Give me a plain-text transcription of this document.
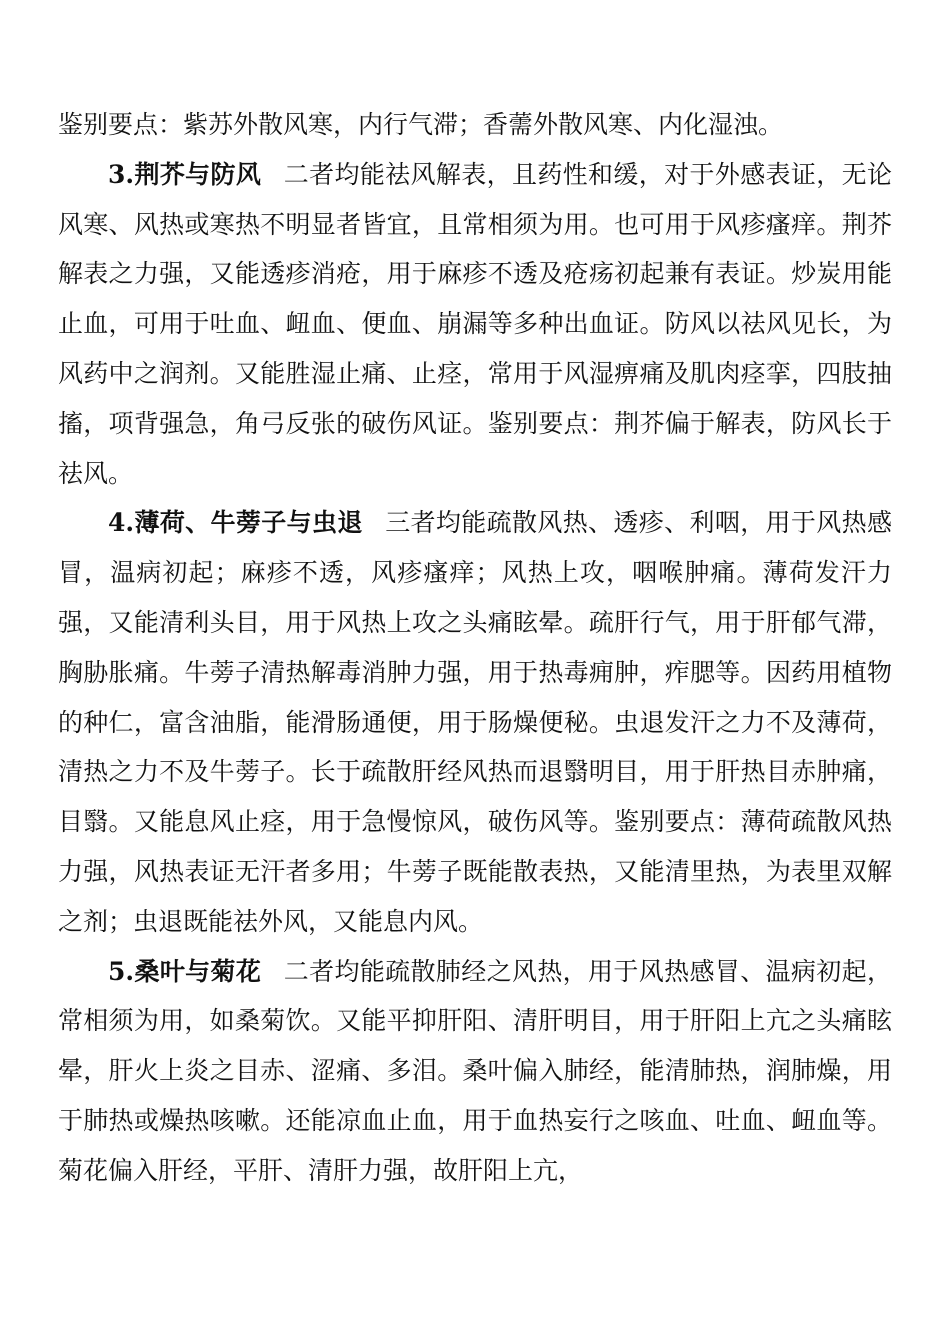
鉴别要点：紫苏外散风寒，内行气滞；香薷外散风寒、内化湿浊。

3.荆芥与防风 二者均能祛风解表，且药性和缓，对于外感表证，无论风寒、风热或寒热不明显者皆宜，且常相须为用。也可用于风疹瘙痒。荆芥解表之力强，又能透疹消疮，用于麻疹不透及疮疡初起兼有表证。炒炭用能止血，可用于吐血、衄血、便血、崩漏等多种出血证。防风以祛风见长，为风药中之润剂。又能胜湿止痛、止痉，常用于风湿痹痛及肌肉痉挛，四肢抽搐，项背强急，角弓反张的破伤风证。鉴别要点：荆芥偏于解表，防风长于祛风。

4.薄荷、牛蒡子与虫退 三者均能疏散风热、透疹、利咽，用于风热感冒，温病初起；麻疹不透，风疹瘙痒；风热上攻，咽喉肿痛。薄荷发汗力强，又能清利头目，用于风热上攻之头痛眩晕。疏肝行气，用于肝郁气滞，胸胁胀痛。牛蒡子清热解毒消肿力强，用于热毒痈肿，痄腮等。因药用植物的种仁，富含油脂，能滑肠通便，用于肠燥便秘。虫退发汗之力不及薄荷，清热之力不及牛蒡子。长于疏散肝经风热而退翳明目，用于肝热目赤肿痛，目翳。又能息风止痉，用于急慢惊风，破伤风等。鉴别要点：薄荷疏散风热力强，风热表证无汗者多用；牛蒡子既能散表热，又能清里热，为表里双解之剂；虫退既能祛外风，又能息内风。

5.桑叶与菊花 二者均能疏散肺经之风热，用于风热感冒、温病初起，常相须为用，如桑菊饮。又能平抑肝阳、清肝明目，用于肝阳上亢之头痛眩晕，肝火上炎之目赤、涩痛、多泪。桑叶偏入肺经，能清肺热，润肺燥，用于肺热或燥热咳嗽。还能凉血止血，用于血热妄行之咳血、吐血、衄血等。菊花偏入肝经，平肝、清肝力强，故肝阳上亢，
